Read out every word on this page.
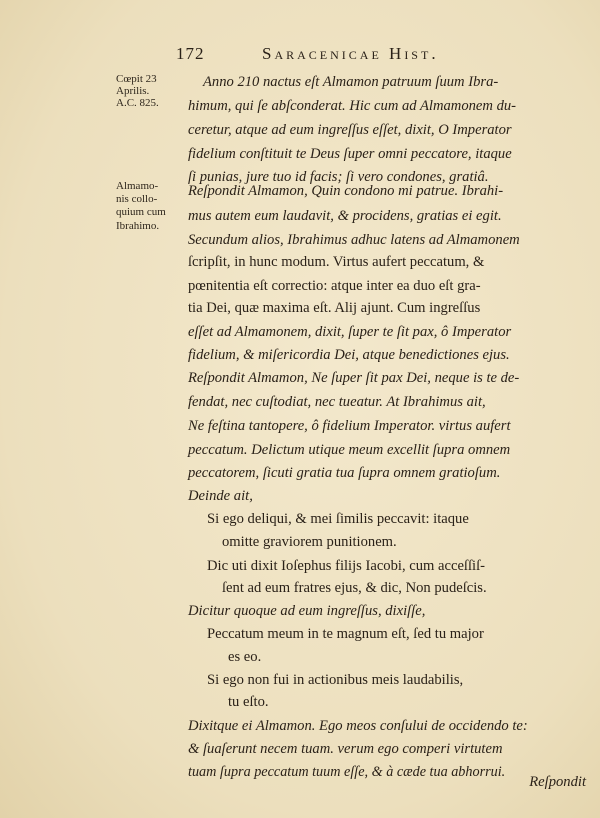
172	Saracenicae Hist.
Cœpit 23
Aprilis.
A.C. 825.
Almamo-
nis collo-
quium cum
Ibrahimo.
Anno 210 nactus eſt Almamon patruum ſuum Ibra-
himum, qui ſe abſconderat. Hic cum ad Almamonem du-
ceretur, atque ad eum ingreſſus eſſet, dixit, O Imperator
fidelium conſtituit te Deus ſuper omni peccatore, itaque
ſi punias, jure tuo id facis; ſi vero condones, gratiâ.
Reſpondit Almamon, Quin condono mi patrue. Ibrahi-
mus autem eum laudavit, & procidens, gratias ei egit.
Secundum alios, Ibrahimus adhuc latens ad Almamonem
ſcripſit, in hunc modum. Virtus aufert peccatum, &
pœnitentia eſt correctio: atque inter ea duo eſt gra-
tia Dei, quæ maxima eſt. Alij ajunt. Cum ingreſſus
eſſet ad Almamonem, dixit, ſuper te ſit pax, ô Imperator
fidelium, & miſericordia Dei, atque benedictiones ejus.
Reſpondit Almamon, Ne ſuper ſit pax Dei, neque is te de-
fendat, nec cuſtodiat, nec tueatur. At Ibrahimus ait,
Ne feſtina tantopere, ô fidelium Imperator. virtus aufert
peccatum. Delictum utique meum excellit ſupra omnem
peccatorem, ſicuti gratia tua ſupra omnem gratioſum.
Deinde ait,
Si ego deliqui, & mei ſimilis peccavit: itaque
omitte graviorem punitionem.
Dic uti dixit Ioſephus filijs Iacobi, cum acceſſiſ-
ſent ad eum fratres ejus, & dic, Non pudeſcis.
Dicitur quoque ad eum ingreſſus, dixiſſe,
Peccatum meum in te magnum eſt, ſed tu major
es eo.
Si ego non fui in actionibus meis laudabilis,
tu eſto.
Dixitque ei Almamon. Ego meos conſului de occidendo te:
& ſuaſerunt necem tuam. verum ego comperi virtutem
tuam ſupra peccatum tuum eſſe, & à cæde tua abhorrui.
Reſpondit
